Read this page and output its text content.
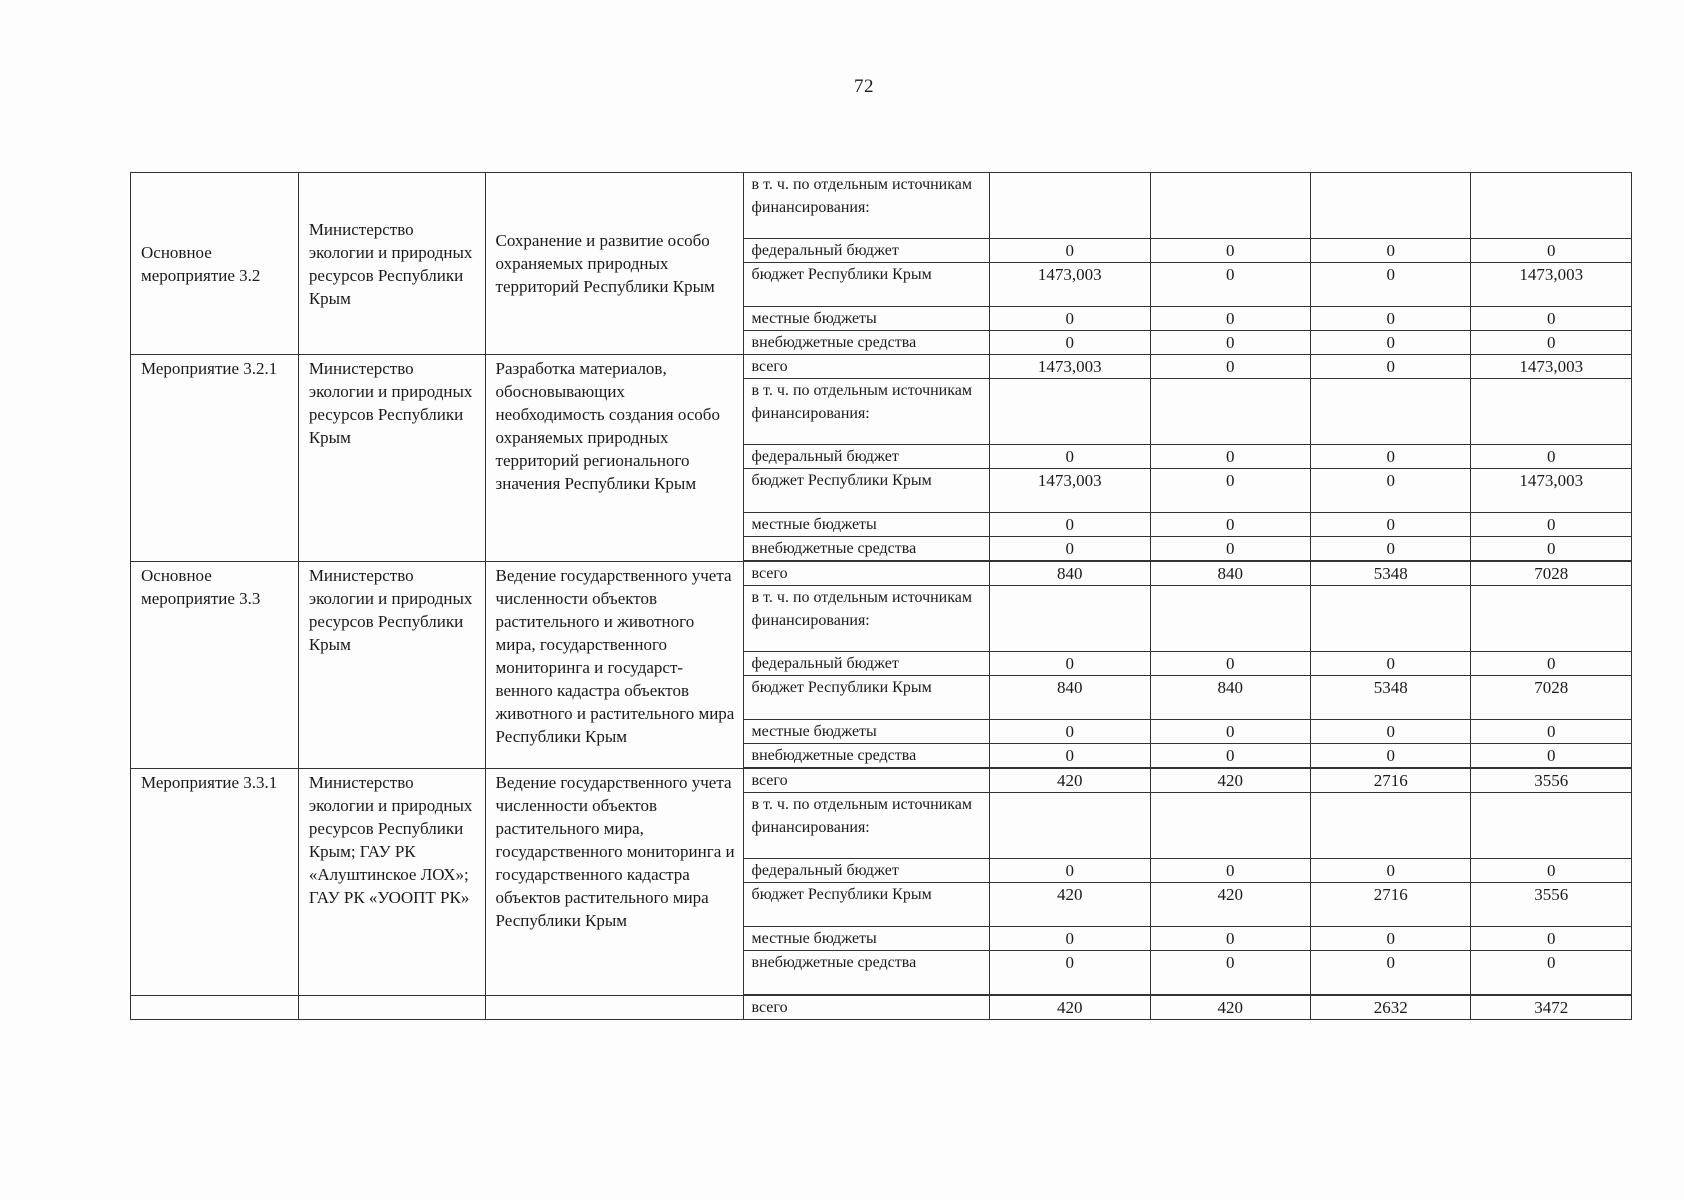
72
Основное мероприятие 3.2	Министерство экологии и природных ресурсов Республики Крым	Сохранение и развитие особо охраняемых природных территорий Республики Крым	в т. ч. по отдельным источникам финансирования:				
			федеральный бюджет	0	0	0	0
			бюджет Республики Крым	1473,003	0	0	1473,003
			местные бюджеты	0	0	0	0
			внебюджетные средства	0	0	0	0
Мероприятие 3.2.1	Министерство экологии и природных ресурсов Республики Крым	Разработка материалов, обосновывающих необходимость создания особо охраняемых природных территорий регионального значения Республики Крым	всего	1473,003	0	0	1473,003
			в т. ч. по отдельным источникам финансирования:				
			федеральный бюджет	0	0	0	0
			бюджет Республики Крым	1473,003	0	0	1473,003
			местные бюджеты	0	0	0	0
			внебюджетные средства	0	0	0	0

Основное мероприятие 3.3	Министерство экологии и природных ресурсов Республики Крым	Ведение государственного учета численности объектов растительного и животного мира, государственного мониторинга и государст-венного кадастра объектов животного и растительного мира Республики Крым	всего	840	840	5348	7028
			в т. ч. по отдельным источникам финансирования:				
			федеральный бюджет	0	0	0	0
			бюджет Республики Крым	840	840	5348	7028
			местные бюджеты	0	0	0	0
			внебюджетные средства	0	0	0	0

Мероприятие 3.3.1	Министерство экологии и природных ресурсов Республики Крым; ГАУ РК «Алуштинское ЛОХ»; ГАУ РК «УООПТ РК»	Ведение государственного учета численности объектов растительного мира, государственного мониторинга и государственного кадастра объектов растительного мира Республики Крым	всего	420	420	2716	3556
			в т. ч. по отдельным источникам финансирования:				
			федеральный бюджет	0	0	0	0
			бюджет Республики Крым	420	420	2716	3556
			местные бюджеты	0	0	0	0
			внебюджетные средства	0	0	0	0

			всего	420	420	2632	3472
